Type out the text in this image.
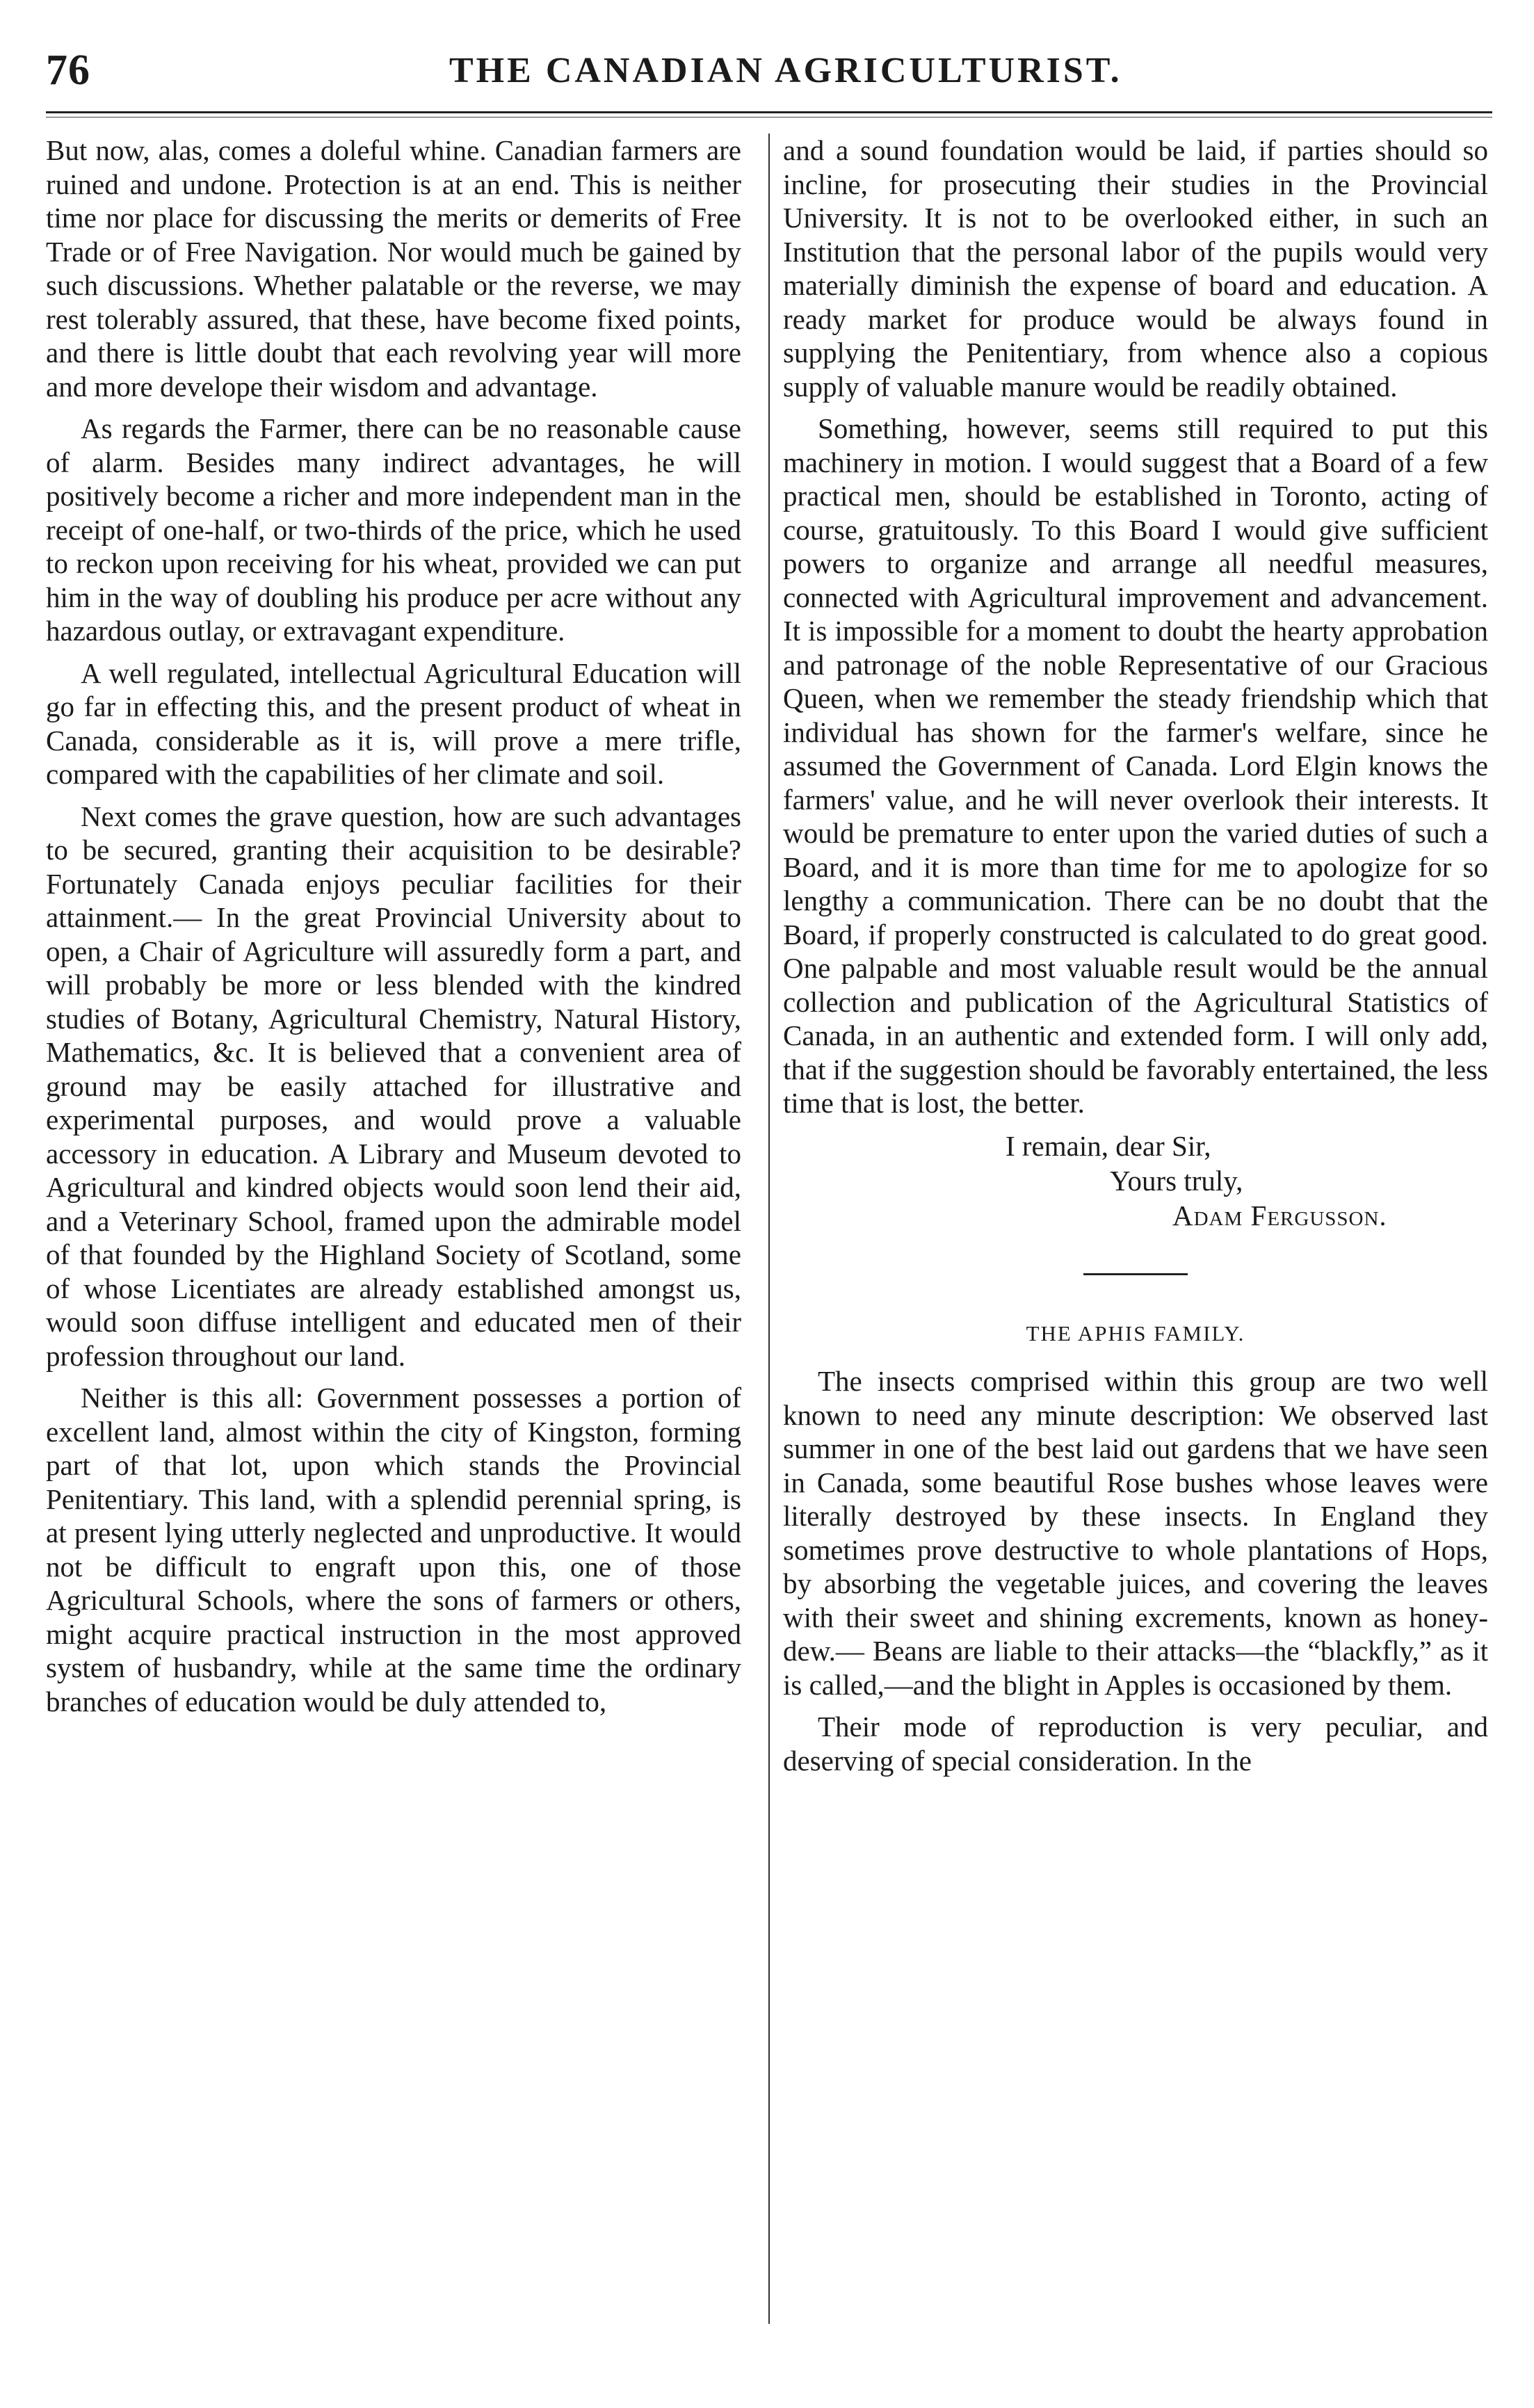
76	THE CANADIAN AGRICULTURIST.

But now, alas, comes a doleful whine. Canadian farmers are ruined and undone. Protection is at an end. This is neither time nor place for discussing the merits or demerits of Free Trade or of Free Navigation. Nor would much be gained by such discussions. Whether palatable or the reverse, we may rest tolerably assured, that these, have become fixed points, and there is little doubt that each revolving year will more and more develope their wisdom and advantage.

As regards the Farmer, there can be no reasonable cause of alarm. Besides many indirect advantages, he will positively become a richer and more independent man in the receipt of one-half, or two-thirds of the price, which he used to reckon upon receiving for his wheat, provided we can put him in the way of doubling his produce per acre without any hazardous outlay, or extravagant expenditure.

A well regulated, intellectual Agricultural Education will go far in effecting this, and the present product of wheat in Canada, considerable as it is, will prove a mere trifle, compared with the capabilities of her climate and soil.

Next comes the grave question, how are such advantages to be secured, granting their acquisition to be desirable? Fortunately Canada enjoys peculiar facilities for their attainment.— In the great Provincial University about to open, a Chair of Agriculture will assuredly form a part, and will probably be more or less blended with the kindred studies of Botany, Agricultural Chemistry, Natural History, Mathematics, &c. It is believed that a convenient area of ground may be easily attached for illustrative and experimental purposes, and would prove a valuable accessory in education. A Library and Museum devoted to Agricultural and kindred objects would soon lend their aid, and a Veterinary School, framed upon the admirable model of that founded by the Highland Society of Scotland, some of whose Licentiates are already established amongst us, would soon diffuse intelligent and educated men of their profession throughout our land.

Neither is this all: Government possesses a portion of excellent land, almost within the city of Kingston, forming part of that lot, upon which stands the Provincial Penitentiary. This land, with a splendid perennial spring, is at present lying utterly neglected and unproductive. It would not be difficult to engraft upon this, one of those Agricultural Schools, where the sons of farmers or others, might acquire practical instruction in the most approved system of husbandry, while at the same time the ordinary branches of education would be duly attended to,

and a sound foundation would be laid, if parties should so incline, for prosecuting their studies in the Provincial University. It is not to be overlooked either, in such an Institution that the personal labor of the pupils would very materially diminish the expense of board and education. A ready market for produce would be always found in supplying the Penitentiary, from whence also a copious supply of valuable manure would be readily obtained.

Something, however, seems still required to put this machinery in motion. I would suggest that a Board of a few practical men, should be established in Toronto, acting of course, gratuitously. To this Board I would give sufficient powers to organize and arrange all needful measures, connected with Agricultural improvement and advancement. It is impossible for a moment to doubt the hearty approbation and patronage of the noble Representative of our Gracious Queen, when we remember the steady friendship which that individual has shown for the farmer's welfare, since he assumed the Government of Canada. Lord Elgin knows the farmers' value, and he will never overlook their interests. It would be premature to enter upon the varied duties of such a Board, and it is more than time for me to apologize for so lengthy a communication. There can be no doubt that the Board, if properly constructed is calculated to do great good. One palpable and most valuable result would be the annual collection and publication of the Agricultural Statistics of Canada, in an authentic and extended form. I will only add, that if the suggestion should be favorably entertained, the less time that is lost, the better.

I remain, dear Sir,
Yours truly,
Adam Fergusson.
THE APHIS FAMILY.

The insects comprised within this group are two well known to need any minute description: We observed last summer in one of the best laid out gardens that we have seen in Canada, some beautiful Rose bushes whose leaves were literally destroyed by these insects. In England they sometimes prove destructive to whole plantations of Hops, by absorbing the vegetable juices, and covering the leaves with their sweet and shining excrements, known as honey-dew.— Beans are liable to their attacks—the “blackfly,” as it is called,—and the blight in Apples is occasioned by them.

Their mode of reproduction is very peculiar, and deserving of special consideration. In the
